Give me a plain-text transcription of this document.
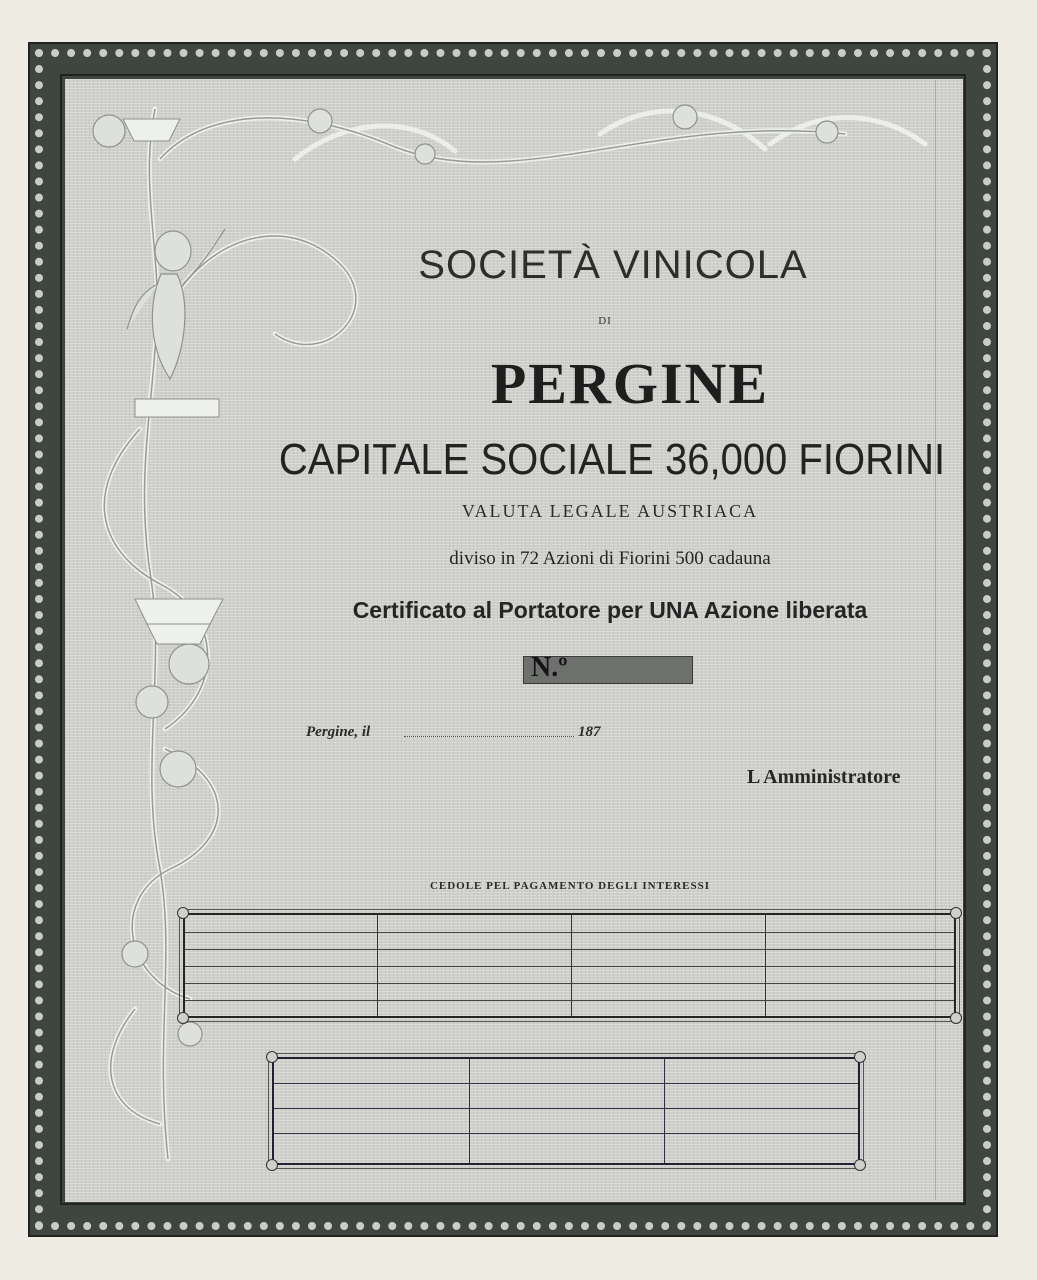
SOCIETÀ VINICOLA
DI
PERGINE
CAPITALE SOCIALE 36,000 FIORINI
VALUTA LEGALE AUSTRIACA
diviso in 72 Azioni di Fiorini 500 cadauna
Certificato al Portatore per UNA Azione liberata
N.º
Pergine, il	187
L Amministratore
CEDOLE PEL PAGAMENTO DEGLI INTERESSI
